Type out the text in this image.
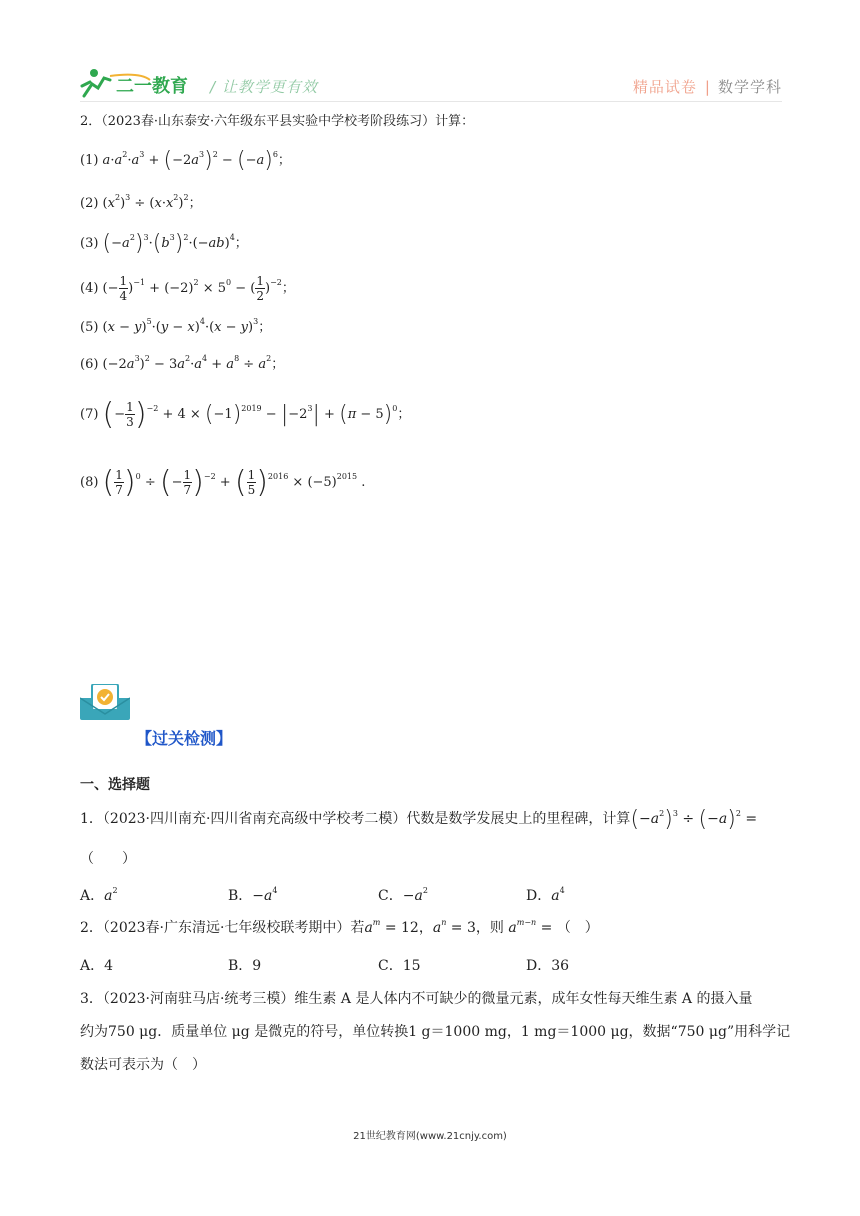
二一教育 / 让教学更有效	精品试卷 | 数学学科
2．（2023春·山东泰安·六年级东平县实验中学校考阶段练习）计算：
(1) $a\cdot a^2\cdot a^3 + (-2a^3)^2 - (-a)^6$；
(2) $(x^2)^3 \div (x\cdot x^2)^2$；
(3) $(-a^2)^3\cdot(b^3)^2\cdot(-ab)^4$；
(4) (− $\frac{1}{4} )^{-1} + (-2)^2 \times 5^0$ − ( $\frac{1}{2} )^{-2}$；
(5) $(x - y)^5\cdot(y - x)^4\cdot(x - y)^3$；
(6) $(-2a^3)^2 - 3a^2\cdot a^4 + a^8 \div a^2$；
(7) (− $\frac{1}{3} )^{-2} + 4 \times (-1)^{2019} - |-2^3| + (\pi - 5)^0$；
(8) ( $\frac{1}{7} )^0$ ÷ (− $\frac{1}{7} )^{-2}$ + ( $\frac{1}{5} )^{2016} \times (-5)^{2015}$ .
【过关检测】
一、选择题
1．（2023·四川南充·四川省南充高级中学校考二模）代数是数学发展史上的里程碑，计算$(-a^2)^3 \div (-a)^2$ =
（　　）
A．$a^2$	B．$-a^4$	C．$-a^2$	D．$a^4$
2．（2023春·广东清远·七年级校联考期中）若$a^m = 12$，$a^n = 3$，则 $a^{m-n}$ = （　）
A．4	B．9	C．15	D．36
3．（2023·河南驻马店·统考三模）维生素 A 是人体内不可缺少的微量元素，成年女性每天维生素 A 的摄入量
约为750 μg．质量单位 μg 是微克的符号，单位转换1 g＝1000 mg，1 mg＝1000 μg，数据“750 μg”用科学记
数法可表示为（　）
21世纪教育网(www.21cnjy.com)
